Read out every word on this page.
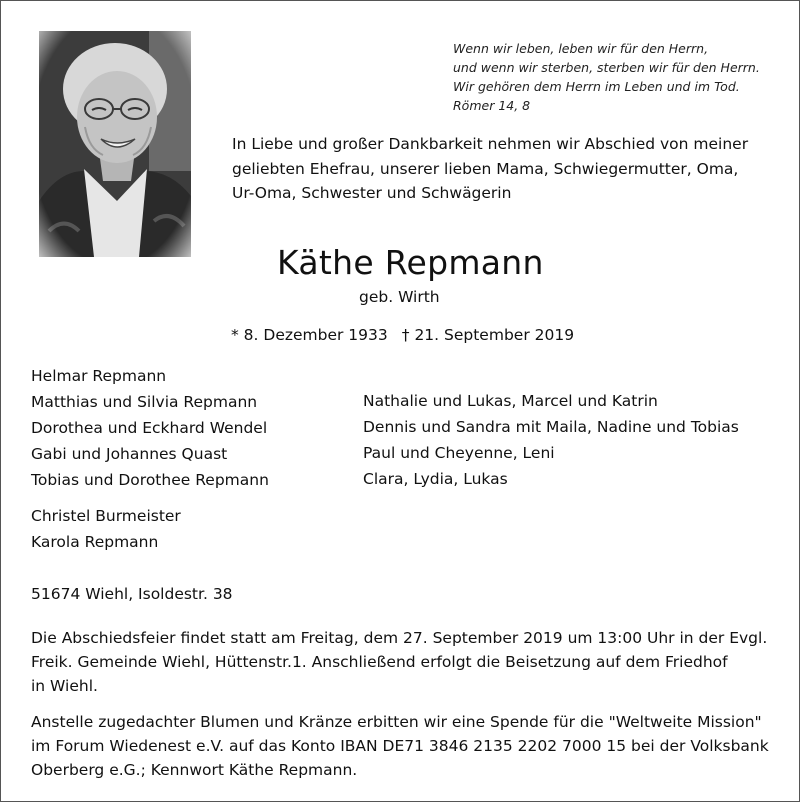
Wenn wir leben, leben wir für den Herrn,
und wenn wir sterben, sterben wir für den Herrn.
Wir gehören dem Herrn im Leben und im Tod.
Römer 14, 8
In Liebe und großer Dankbarkeit nehmen wir Abschied von meiner
geliebten Ehefrau, unserer lieben Mama, Schwiegermutter, Oma,
Ur-Oma, Schwester und Schwägerin
Käthe Repmann
geb. Wirth
* 8. Dezember 1933 † 21. September 2019
Helmar Repmann
Matthias und Silvia Repmann
Dorothea und Eckhard Wendel
Gabi und Johannes Quast
Tobias und Dorothee Repmann
Christel Burmeister
Karola Repmann
Nathalie und Lukas, Marcel und Katrin
Dennis und Sandra mit Maila, Nadine und Tobias
Paul und Cheyenne, Leni
Clara, Lydia, Lukas
51674 Wiehl, Isoldestr. 38
Die Abschiedsfeier findet statt am Freitag, dem 27. September 2019 um 13:00 Uhr in der Evgl.
Freik. Gemeinde Wiehl, Hüttenstr.1. Anschließend erfolgt die Beisetzung auf dem Friedhof
in Wiehl.
Anstelle zugedachter Blumen und Kränze erbitten wir eine Spende für die "Weltweite Mission"
im Forum Wiedenest e.V. auf das Konto IBAN DE71 3846 2135 2202 7000 15 bei der Volksbank
Oberberg e.G.; Kennwort Käthe Repmann.
